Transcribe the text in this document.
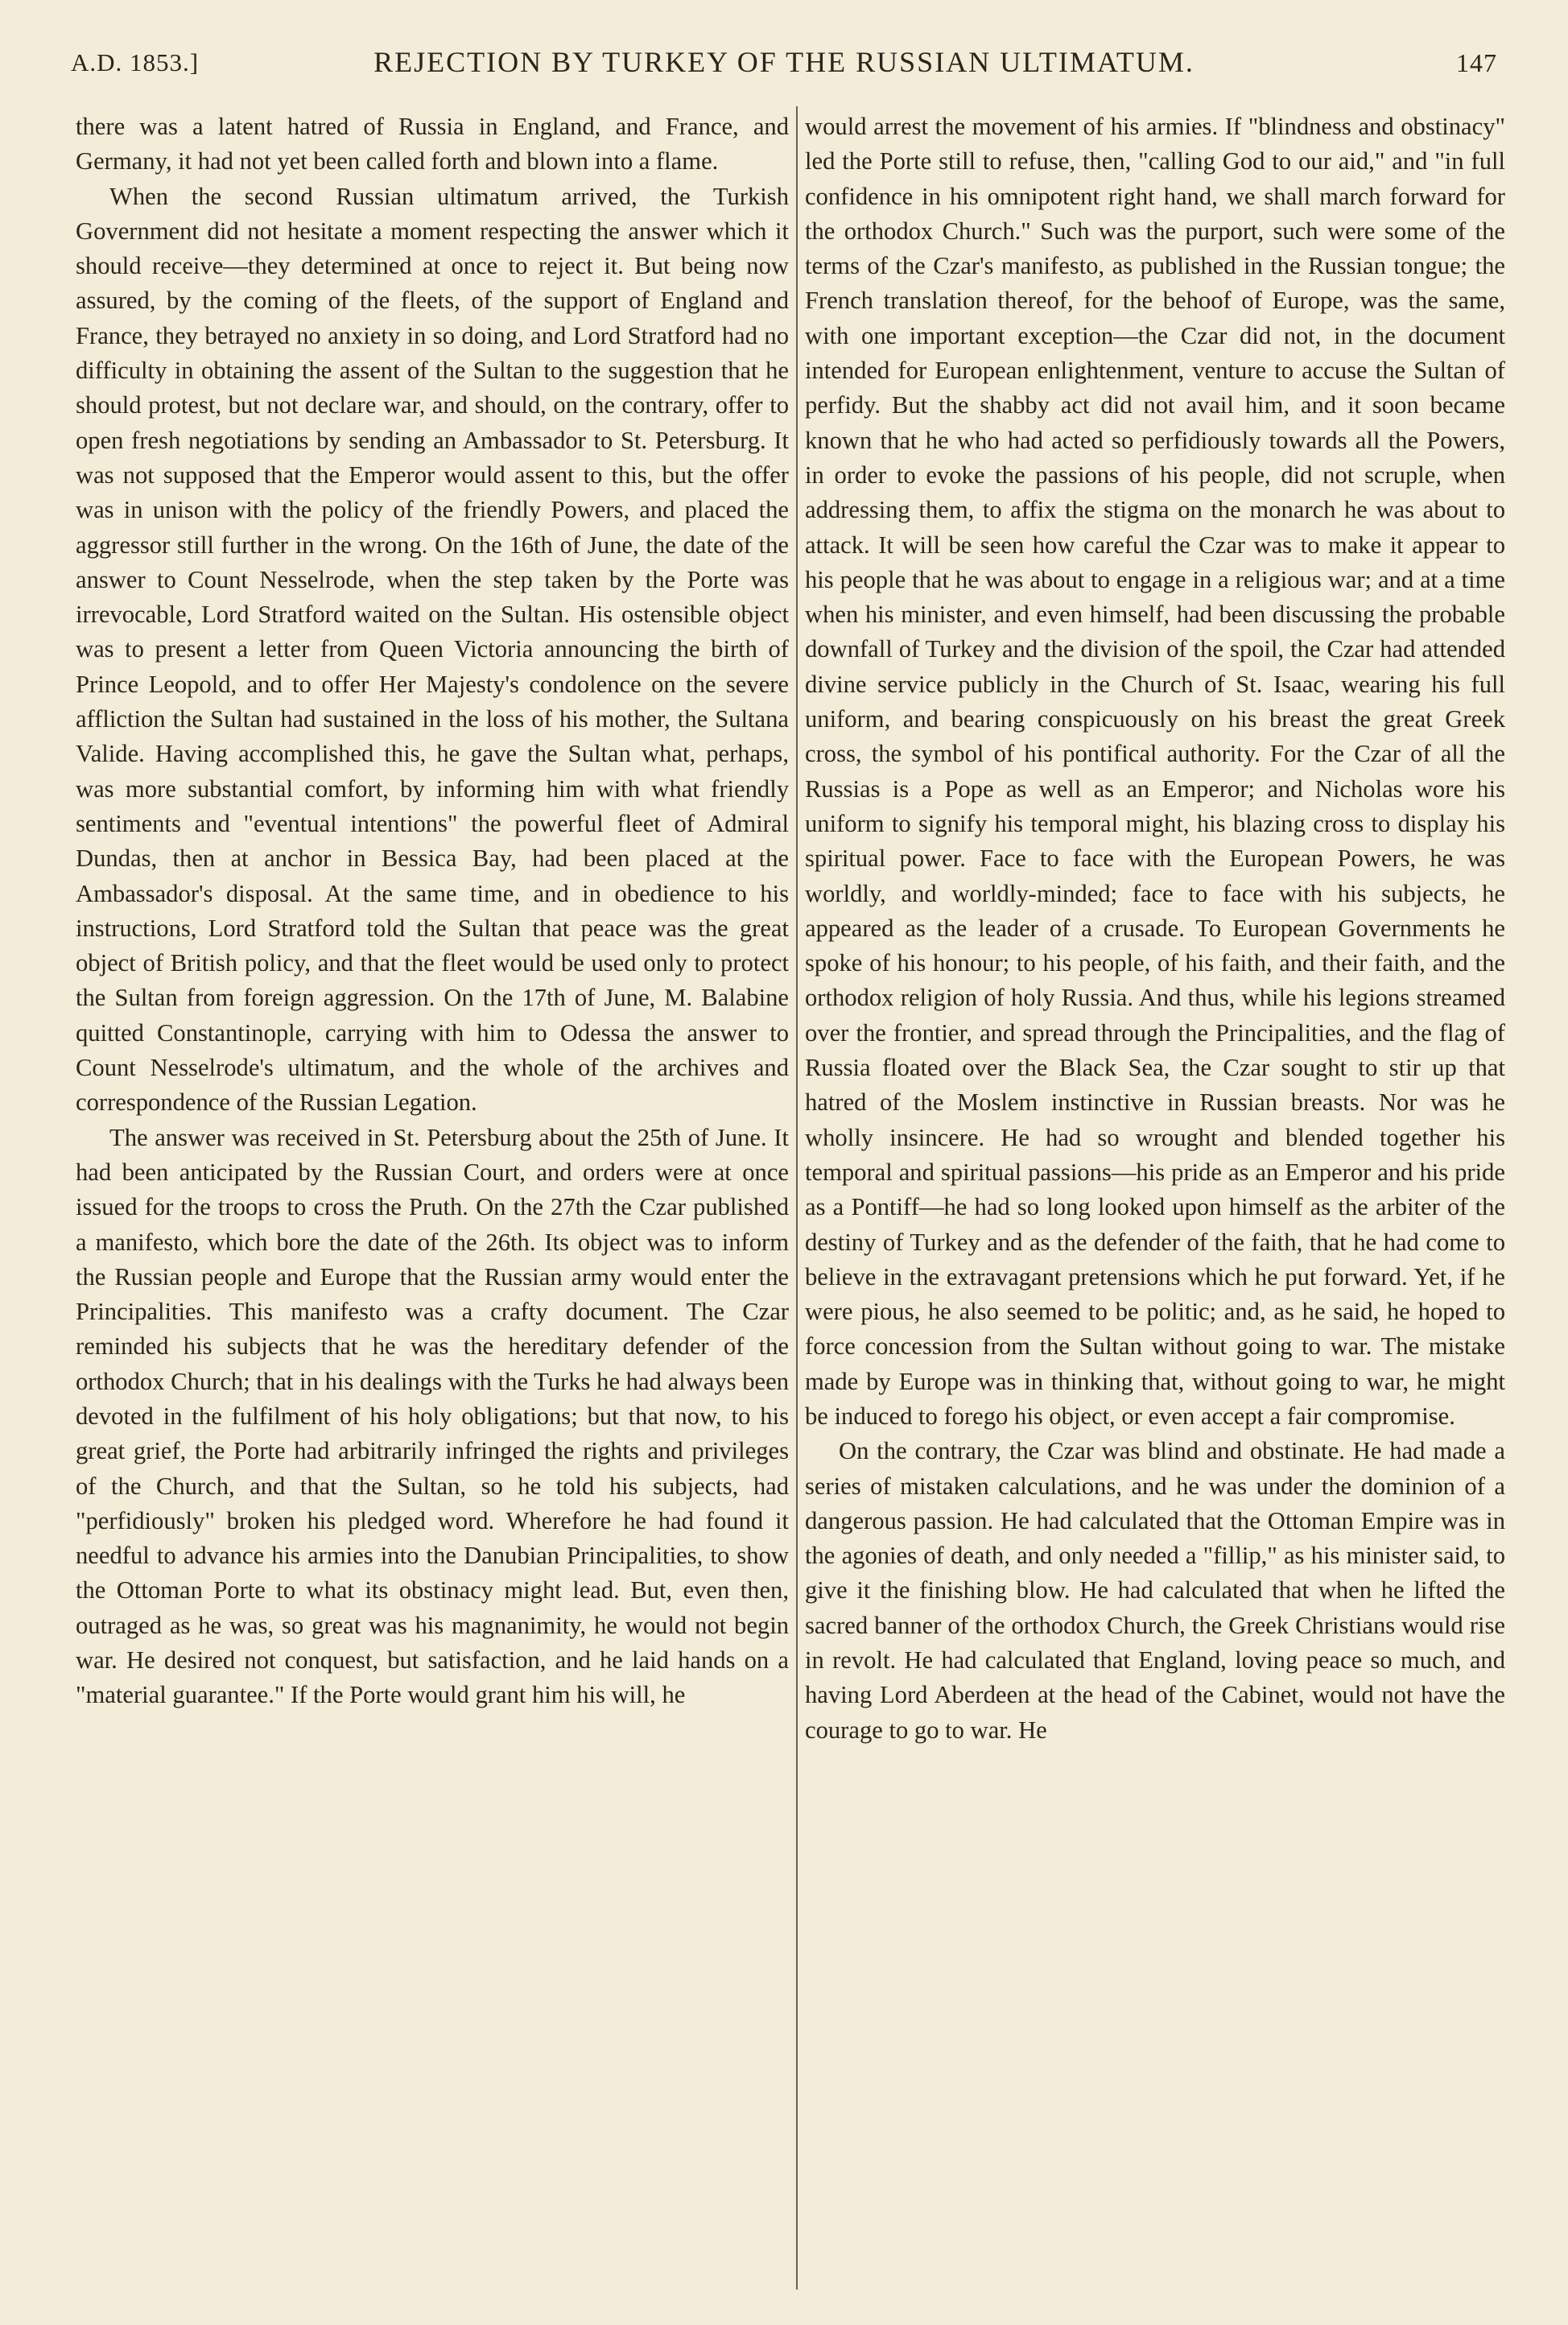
A.D. 1853.]	REJECTION BY TURKEY OF THE RUSSIAN ULTIMATUM.	147

there was a latent hatred of Russia in England, and France, and Germany, it had not yet been called forth and blown into a flame.

When the second Russian ultimatum arrived, the Turkish Government did not hesitate a moment respecting the answer which it should receive—they determined at once to reject it. But being now assured, by the coming of the fleets, of the support of England and France, they betrayed no anxiety in so doing, and Lord Stratford had no difficulty in obtaining the assent of the Sultan to the suggestion that he should protest, but not declare war, and should, on the contrary, offer to open fresh negotiations by sending an Ambassador to St. Petersburg. It was not supposed that the Emperor would assent to this, but the offer was in unison with the policy of the friendly Powers, and placed the aggressor still further in the wrong. On the 16th of June, the date of the answer to Count Nesselrode, when the step taken by the Porte was irrevocable, Lord Stratford waited on the Sultan. His ostensible object was to present a letter from Queen Victoria announcing the birth of Prince Leopold, and to offer Her Majesty's condolence on the severe affliction the Sultan had sustained in the loss of his mother, the Sultana Valide. Having accomplished this, he gave the Sultan what, perhaps, was more substantial comfort, by informing him with what friendly sentiments and "eventual intentions" the powerful fleet of Admiral Dundas, then at anchor in Bessica Bay, had been placed at the Ambassador's disposal. At the same time, and in obedience to his instructions, Lord Stratford told the Sultan that peace was the great object of British policy, and that the fleet would be used only to protect the Sultan from foreign aggression. On the 17th of June, M. Balabine quitted Constantinople, carrying with him to Odessa the answer to Count Nesselrode's ultimatum, and the whole of the archives and correspondence of the Russian Legation.

The answer was received in St. Petersburg about the 25th of June. It had been anticipated by the Russian Court, and orders were at once issued for the troops to cross the Pruth. On the 27th the Czar published a manifesto, which bore the date of the 26th. Its object was to inform the Russian people and Europe that the Russian army would enter the Principalities. This manifesto was a crafty document. The Czar reminded his subjects that he was the hereditary defender of the orthodox Church; that in his dealings with the Turks he had always been devoted in the fulfilment of his holy obligations; but that now, to his great grief, the Porte had arbitrarily infringed the rights and privileges of the Church, and that the Sultan, so he told his subjects, had "perfidiously" broken his pledged word. Wherefore he had found it needful to advance his armies into the Danubian Principalities, to show the Ottoman Porte to what its obstinacy might lead. But, even then, outraged as he was, so great was his magnanimity, he would not begin war. He desired not conquest, but satisfaction, and he laid hands on a "material guarantee." If the Porte would grant him his will, he

would arrest the movement of his armies. If "blindness and obstinacy" led the Porte still to refuse, then, "calling God to our aid," and "in full confidence in his omnipotent right hand, we shall march forward for the orthodox Church." Such was the purport, such were some of the terms of the Czar's manifesto, as published in the Russian tongue; the French translation thereof, for the behoof of Europe, was the same, with one important exception—the Czar did not, in the document intended for European enlightenment, venture to accuse the Sultan of perfidy. But the shabby act did not avail him, and it soon became known that he who had acted so perfidiously towards all the Powers, in order to evoke the passions of his people, did not scruple, when addressing them, to affix the stigma on the monarch he was about to attack. It will be seen how careful the Czar was to make it appear to his people that he was about to engage in a religious war; and at a time when his minister, and even himself, had been discussing the probable downfall of Turkey and the division of the spoil, the Czar had attended divine service publicly in the Church of St. Isaac, wearing his full uniform, and bearing conspicuously on his breast the great Greek cross, the symbol of his pontifical authority. For the Czar of all the Russias is a Pope as well as an Emperor; and Nicholas wore his uniform to signify his temporal might, his blazing cross to display his spiritual power. Face to face with the European Powers, he was worldly, and worldly-minded; face to face with his subjects, he appeared as the leader of a crusade. To European Governments he spoke of his honour; to his people, of his faith, and their faith, and the orthodox religion of holy Russia. And thus, while his legions streamed over the frontier, and spread through the Principalities, and the flag of Russia floated over the Black Sea, the Czar sought to stir up that hatred of the Moslem instinctive in Russian breasts. Nor was he wholly insincere. He had so wrought and blended together his temporal and spiritual passions—his pride as an Emperor and his pride as a Pontiff—he had so long looked upon himself as the arbiter of the destiny of Turkey and as the defender of the faith, that he had come to believe in the extravagant pretensions which he put forward. Yet, if he were pious, he also seemed to be politic; and, as he said, he hoped to force concession from the Sultan without going to war. The mistake made by Europe was in thinking that, without going to war, he might be induced to forego his object, or even accept a fair compromise.

On the contrary, the Czar was blind and obstinate. He had made a series of mistaken calculations, and he was under the dominion of a dangerous passion. He had calculated that the Ottoman Empire was in the agonies of death, and only needed a "fillip," as his minister said, to give it the finishing blow. He had calculated that when he lifted the sacred banner of the orthodox Church, the Greek Christians would rise in revolt. He had calculated that England, loving peace so much, and having Lord Aberdeen at the head of the Cabinet, would not have the courage to go to war. He
